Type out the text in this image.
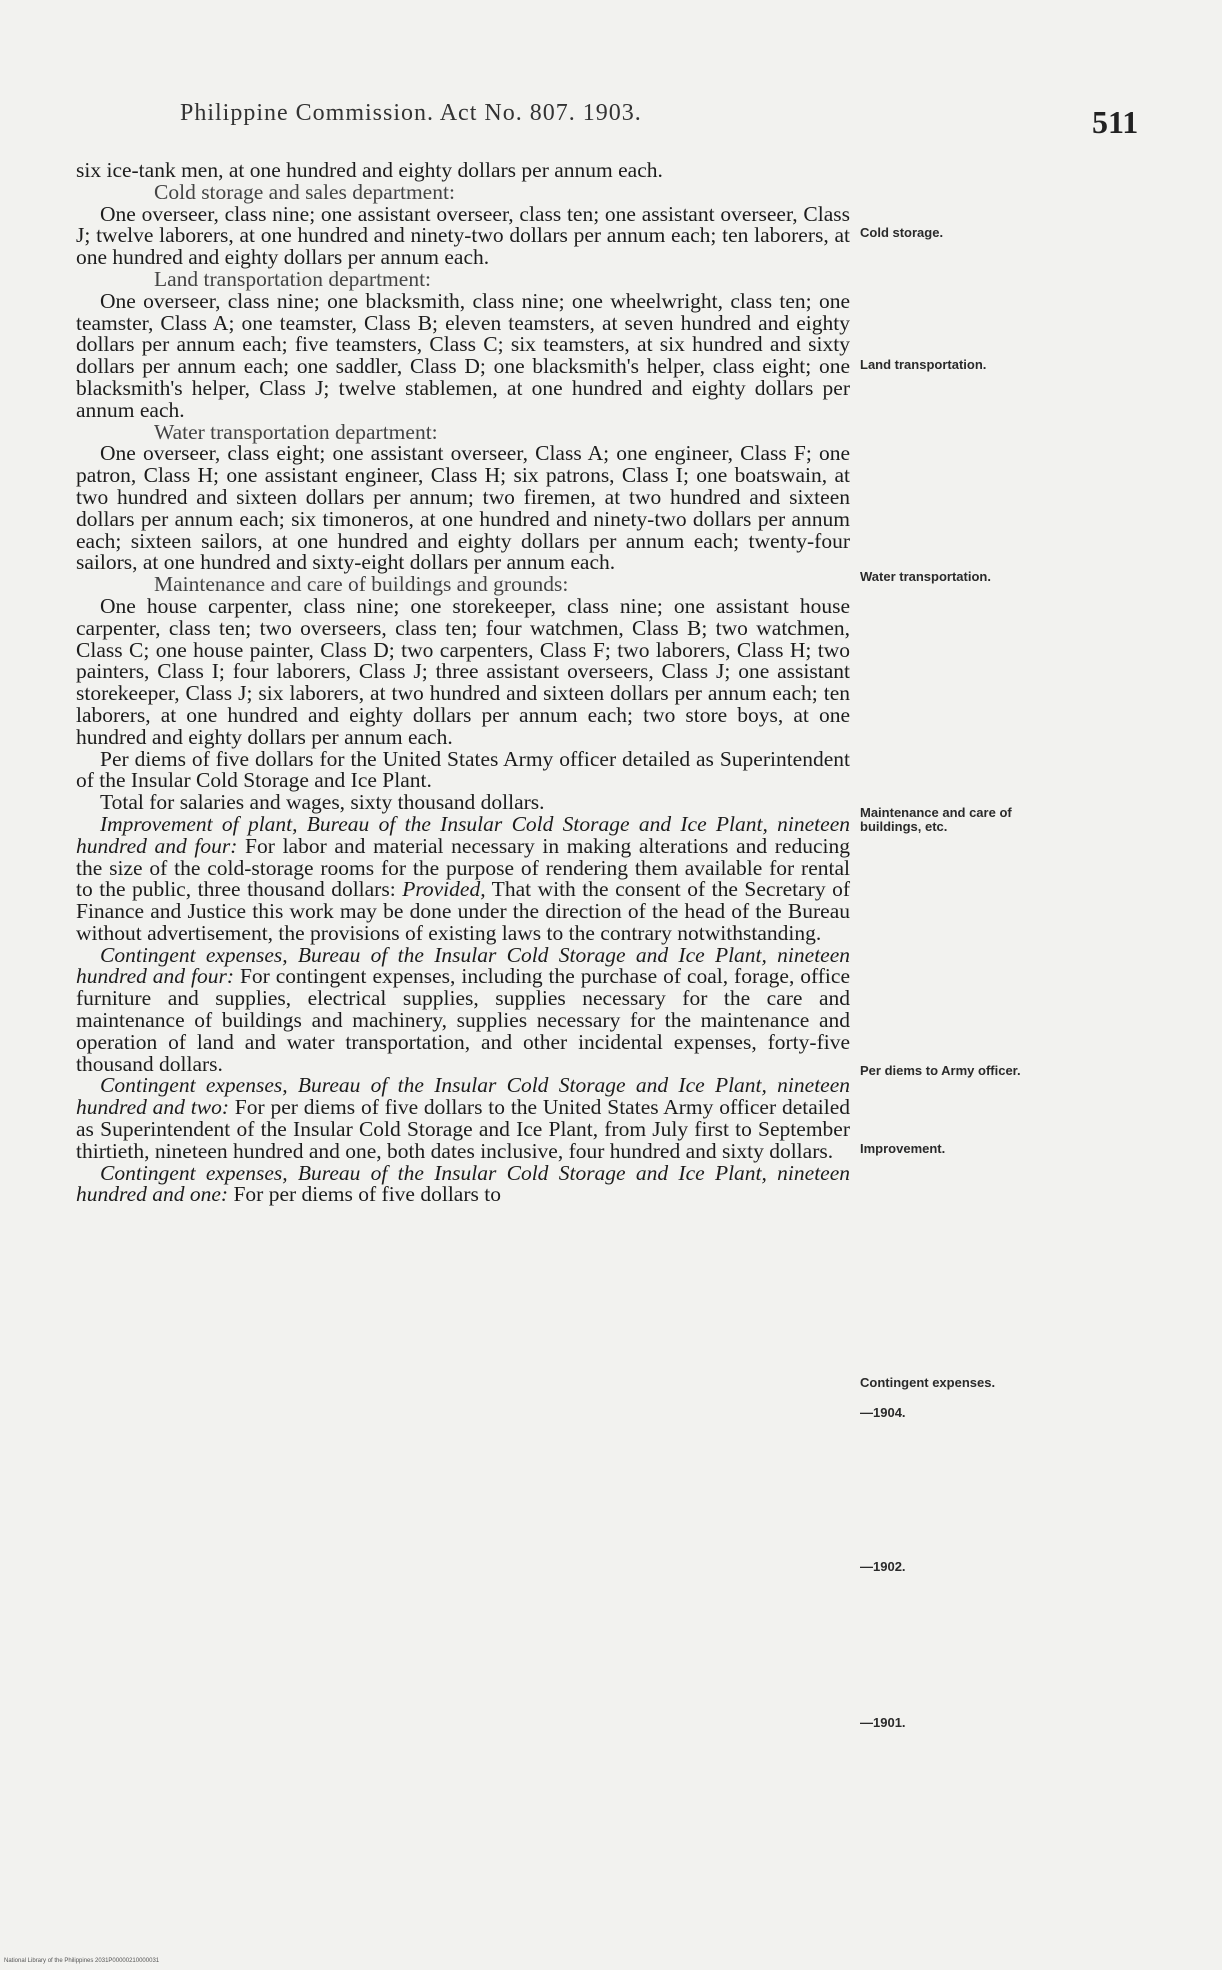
Philippine Commission. Act No. 807. 1903.	511

six ice-tank men, at one hundred and eighty dollars per annum each.

Cold storage and sales department:

One overseer, class nine; one assistant overseer, class ten; one assistant overseer, Class J; twelve laborers, at one hundred and ninety-two dollars per annum each; ten laborers, at one hundred and eighty dollars per annum each.

Land transportation department:

One overseer, class nine; one blacksmith, class nine; one wheelwright, class ten; one teamster, Class A; one teamster, Class B; eleven teamsters, at seven hundred and eighty dollars per annum each; five teamsters, Class C; six teamsters, at six hundred and sixty dollars per annum each; one saddler, Class D; one blacksmith's helper, class eight; one blacksmith's helper, Class J; twelve stablemen, at one hundred and eighty dollars per annum each.

Water transportation department:

One overseer, class eight; one assistant overseer, Class A; one engineer, Class F; one patron, Class H; one assistant engineer, Class H; six patrons, Class I; one boatswain, at two hundred and sixteen dollars per annum; two firemen, at two hundred and sixteen dollars per annum each; six timoneros, at one hundred and ninety-two dollars per annum each; sixteen sailors, at one hundred and eighty dollars per annum each; twenty-four sailors, at one hundred and sixty-eight dollars per annum each.

Maintenance and care of buildings and grounds:

One house carpenter, class nine; one storekeeper, class nine; one assistant house carpenter, class ten; two overseers, class ten; four watchmen, Class B; two watchmen, Class C; one house painter, Class D; two carpenters, Class F; two laborers, Class H; two painters, Class I; four laborers, Class J; three assistant overseers, Class J; one assistant storekeeper, Class J; six laborers, at two hundred and sixteen dollars per annum each; ten laborers, at one hundred and eighty dollars per annum each; two store boys, at one hundred and eighty dollars per annum each.

Per diems of five dollars for the United States Army officer detailed as Superintendent of the Insular Cold Storage and Ice Plant.

Total for salaries and wages, sixty thousand dollars.

Improvement of plant, Bureau of the Insular Cold Storage and Ice Plant, nineteen hundred and four: For labor and material necessary in making alterations and reducing the size of the cold-storage rooms for the purpose of rendering them available for rental to the public, three thousand dollars: Provided, That with the consent of the Secretary of Finance and Justice this work may be done under the direction of the head of the Bureau without advertisement, the provisions of existing laws to the contrary notwithstanding.

Contingent expenses, Bureau of the Insular Cold Storage and Ice Plant, nineteen hundred and four: For contingent expenses, including the purchase of coal, forage, office furniture and supplies, electrical supplies, supplies necessary for the care and maintenance of buildings and machinery, supplies necessary for the maintenance and operation of land and water transportation, and other incidental expenses, forty-five thousand dollars.

Contingent expenses, Bureau of the Insular Cold Storage and Ice Plant, nineteen hundred and two: For per diems of five dollars to the United States Army officer detailed as Superintendent of the Insular Cold Storage and Ice Plant, from July first to September thirtieth, nineteen hundred and one, both dates inclusive, four hundred and sixty dollars.

Contingent expenses, Bureau of the Insular Cold Storage and Ice Plant, nineteen hundred and one: For per diems of five dollars to

Cold storage.
Land transportation.
Water transportation.
Maintenance and care of buildings, etc.
Per diems to Army officer.
Improvement.
Contingent expenses.
—1904.
—1902.
—1901.
National Library of the Philippines 2031P00000210000031
